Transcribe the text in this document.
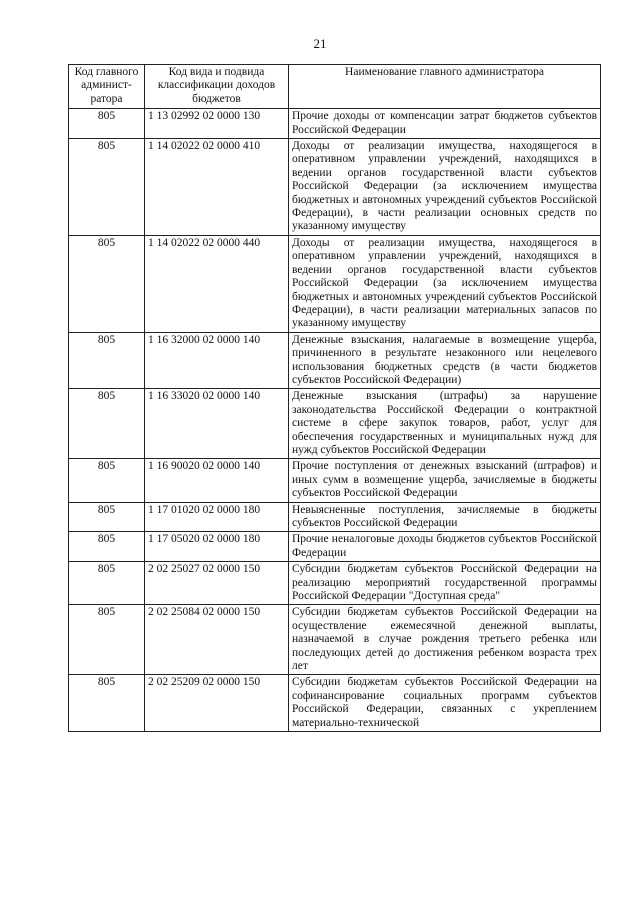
21
Код главного админист-ратора	Код вида и подвида классификации доходов бюджетов	Наименование главного администратора
805	1 13 02992 02 0000 130	Прочие доходы от компенсации затрат бюджетов субъектов Российской Федерации
805	1 14 02022 02 0000 410	Доходы от реализации имущества, находящегося в оперативном управлении учреждений, находящихся в ведении органов государственной власти субъектов Российской Федерации (за исключением имущества бюджетных и автономных учреждений субъектов Российской Федерации), в части реализации основных средств по указанному имуществу
805	1 14 02022 02 0000 440	Доходы от реализации имущества, находящегося в оперативном управлении учреждений, находящихся в ведении органов государственной власти субъектов Российской Федерации (за исключением имущества бюджетных и автономных учреждений субъектов Российской Федерации), в части реализации материальных запасов по указанному имуществу
805	1 16 32000 02 0000 140	Денежные взыскания, налагаемые в возмещение ущерба, причиненного в результате незаконного или нецелевого использования бюджетных средств (в части бюджетов субъектов Российской Федерации)
805	1 16 33020 02 0000 140	Денежные взыскания (штрафы) за нарушение законодательства Российской Федерации о контрактной системе в сфере закупок товаров, работ, услуг для обеспечения государственных и муниципальных нужд для нужд субъектов Российской Федерации
805	1 16 90020 02 0000 140	Прочие поступления от денежных взысканий (штрафов) и иных сумм в возмещение ущерба, зачисляемые в бюджеты субъектов Российской Федерации
805	1 17 01020 02 0000 180	Невыясненные поступления, зачисляемые в бюджеты субъектов Российской Федерации
805	1 17 05020 02 0000 180	Прочие неналоговые доходы бюджетов субъектов Российской Федерации
805	2 02 25027 02 0000 150	Субсидии бюджетам субъектов Российской Федерации на реализацию мероприятий государственной программы Российской Федерации "Доступная среда"
805	2 02 25084 02 0000 150	Субсидии бюджетам субъектов Российской Федерации на осуществление ежемесячной денежной выплаты, назначаемой в случае рождения третьего ребенка или последующих детей до достижения ребенком возраста трех лет
805	2 02 25209 02 0000 150	Субсидии бюджетам субъектов Российской Федерации на софинансирование социальных программ субъектов Российской Федерации, связанных с укреплением материально-технической
